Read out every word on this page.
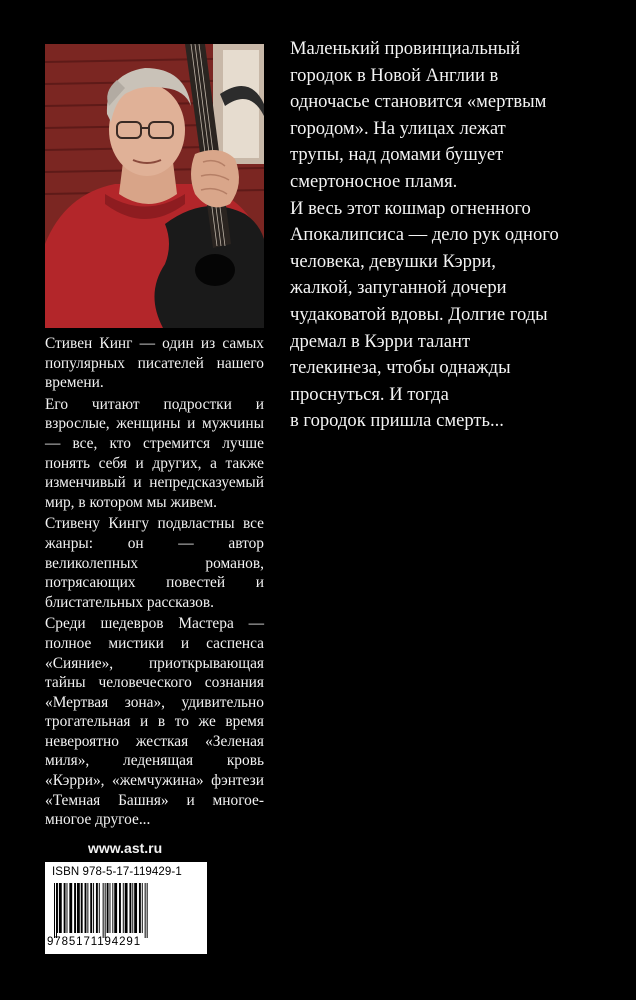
Маленький провинциальный

городок в Новой Англии в

одночасье становится «мертвым

городом». На улицах лежат

трупы, над домами бушует

смертоносное пламя.

И весь этот кошмар огненного

Апокалипсиса — дело рук одного

человека, девушки Кэрри,

жалкой, запуганной дочери

чудаковатой вдовы. Долгие годы

дремал в Кэрри талант

телекинеза, чтобы однажды

проснуться. И тогда

в городок пришла смерть...

Стивен Кинг — один из самых популярных писателей нашего времени.

Его читают подростки и взрослые, женщины и мужчины — все, кто стремится лучше понять себя и других, а также изменчивый и непредсказуемый мир, в котором мы живем.

Стивену Кингу подвластны все жанры: он — автор великолепных романов, потрясающих повестей и блистательных рассказов.

Среди шедевров Мастера — полное мистики и саспенса «Сияние», приоткрывающая тайны человеческого сознания «Мертвая зона», удивительно трогательная и в то же время невероятно жесткая «Зеленая миля», леденящая кровь «Кэрри», «жемчужина» фэнтези «Темная Башня» и многое-многое другое...

www.ast.ru
ISBN 978-5-17-119429-1
9785171194291
